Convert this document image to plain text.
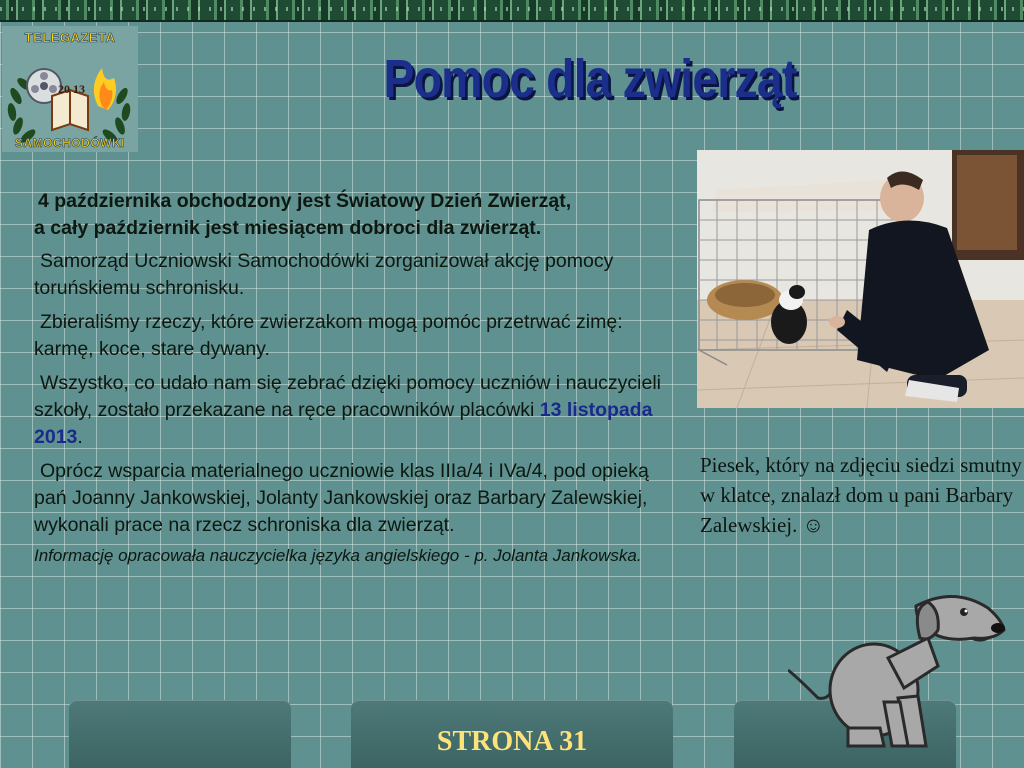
TELEGAZETA
20 13
SAMOCHODÓWKI
Pomoc dla zwierząt

4 października obchodzony jest Światowy Dzień Zwierząt,

a cały październik jest miesiącem dobroci dla zwierząt.

Samorząd Uczniowski Samochodówki zorganizował akcję pomocy toruńskiemu schronisku.

Zbieraliśmy rzeczy, które zwierzakom mogą pomóc przetrwać zimę: karmę, koce, stare dywany.

Wszystko, co udało nam się zebrać dzięki pomocy uczniów i nauczycieli szkoły, zostało przekazane na ręce pracowników placówki 13 listopada 2013.

Oprócz wsparcia materialnego uczniowie klas IIIa/4 i IVa/4, pod opieką pań Joanny Jankowskiej, Jolanty Jankowskiej oraz Barbary Zalewskiej, wykonali prace na rzecz schroniska dla zwierząt.

Informację opracowała nauczycielka języka angielskiego - p. Jolanta Jankowska.

Piesek, który na zdjęciu siedzi smutny w klatce, znalazł dom u pani Barbary Zalewskiej. ☺
STRONA 31
